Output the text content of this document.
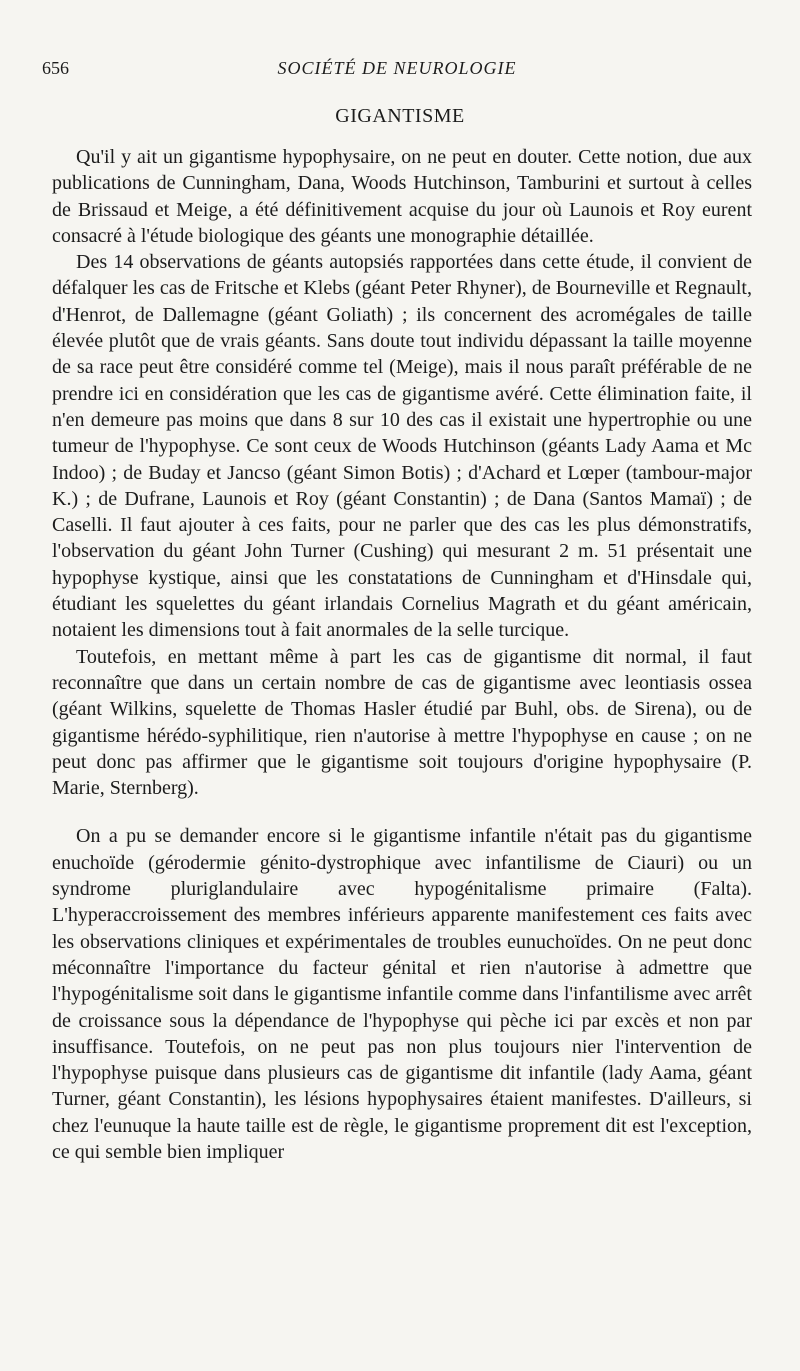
656	SOCIÉTÉ DE NEUROLOGIE
GIGANTISME

Qu'il y ait un gigantisme hypophysaire, on ne peut en douter. Cette notion, due aux publications de Cunningham, Dana, Woods Hutchinson, Tamburini et surtout à celles de Brissaud et Meige, a été définitivement acquise du jour où Launois et Roy eurent consacré à l'étude biologique des géants une monographie détaillée.

Des 14 observations de géants autopsiés rapportées dans cette étude, il convient de défalquer les cas de Fritsche et Klebs (géant Peter Rhyner), de Bourneville et Regnault, d'Henrot, de Dallemagne (géant Goliath) ; ils concernent des acromégales de taille élevée plutôt que de vrais géants. Sans doute tout individu dépassant la taille moyenne de sa race peut être considéré comme tel (Meige), mais il nous paraît préférable de ne prendre ici en considération que les cas de gigantisme avéré. Cette élimination faite, il n'en demeure pas moins que dans 8 sur 10 des cas il existait une hypertrophie ou une tumeur de l'hypophyse. Ce sont ceux de Woods Hutchinson (géants Lady Aama et Mc Indoo) ; de Buday et Jancso (géant Simon Botis) ; d'Achard et Lœper (tambour-major K.) ; de Dufrane, Launois et Roy (géant Constantin) ; de Dana (Santos Mamaï) ; de Caselli. Il faut ajouter à ces faits, pour ne parler que des cas les plus démonstratifs, l'observation du géant John Turner (Cushing) qui mesurant 2 m. 51 présentait une hypophyse kystique, ainsi que les constatations de Cunningham et d'Hinsdale qui, étudiant les squelettes du géant irlandais Cornelius Magrath et du géant américain, notaient les dimensions tout à fait anormales de la selle turcique.

Toutefois, en mettant même à part les cas de gigantisme dit normal, il faut reconnaître que dans un certain nombre de cas de gigantisme avec leontiasis ossea (géant Wilkins, squelette de Thomas Hasler étudié par Buhl, obs. de Sirena), ou de gigantisme hérédo-syphilitique, rien n'autorise à mettre l'hypophyse en cause ; on ne peut donc pas affirmer que le gigantisme soit toujours d'origine hypophysaire (P. Marie, Sternberg).

On a pu se demander encore si le gigantisme infantile n'était pas du gigantisme enuchoïde (gérodermie génito-dystrophique avec infantilisme de Ciauri) ou un syndrome pluriglandulaire avec hypogénitalisme primaire (Falta). L'hyperaccroissement des membres inférieurs apparente manifestement ces faits avec les observations cliniques et expérimentales de troubles eunuchoïdes. On ne peut donc méconnaître l'importance du facteur génital et rien n'autorise à admettre que l'hypogénitalisme soit dans le gigantisme infantile comme dans l'infantilisme avec arrêt de croissance sous la dépendance de l'hypophyse qui pèche ici par excès et non par insuffisance. Toutefois, on ne peut pas non plus toujours nier l'intervention de l'hypophyse puisque dans plusieurs cas de gigantisme dit infantile (lady Aama, géant Turner, géant Constantin), les lésions hypophysaires étaient manifestes. D'ailleurs, si chez l'eunuque la haute taille est de règle, le gigantisme proprement dit est l'exception, ce qui semble bien impliquer
